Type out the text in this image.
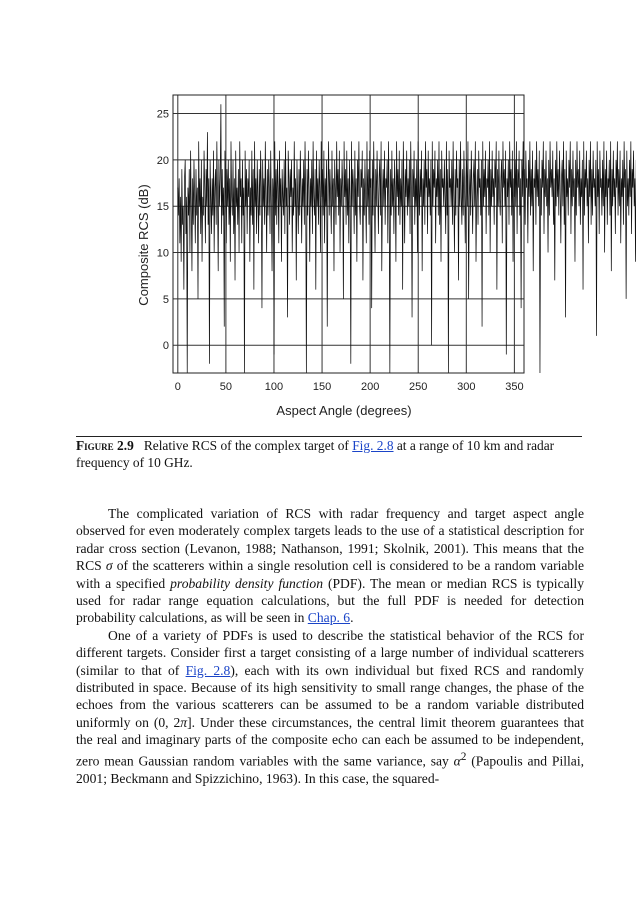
0
5
10
15
20
25
0	50	100	150	200	250	300	350
Aspect Angle (degrees)
Composite RCS (dB)
Figure 2.9 Relative RCS of the complex target of Fig. 2.8 at a range of 10 km and radar frequency of 10 GHz.

The complicated variation of RCS with radar frequency and target aspect angle observed for even moderately complex targets leads to the use of a statistical description for radar cross section (Levanon, 1988; Nathanson, 1991; Skolnik, 2001). This means that the RCS σ of the scatterers within a single resolution cell is considered to be a random variable with a specified probability density function (PDF). The mean or median RCS is typically used for radar range equation calculations, but the full PDF is needed for detection probability calculations, as will be seen in Chap. 6.

One of a variety of PDFs is used to describe the statistical behavior of the RCS for different targets. Consider first a target consisting of a large number of individual scatterers (similar to that of Fig. 2.8), each with its own individual but fixed RCS and randomly distributed in space. Because of its high sensitivity to small range changes, the phase of the echoes from the various scatterers can be assumed to be a random variable distributed uniformly on (0, 2π]. Under these circumstances, the central limit theorem guarantees that the real and imaginary parts of the composite echo can each be assumed to be independent, zero mean Gaussian random variables with the same variance, say $\alpha^2$ (Papoulis and Pillai, 2001; Beckmann and Spizzichino, 1963). In this case, the squared-
